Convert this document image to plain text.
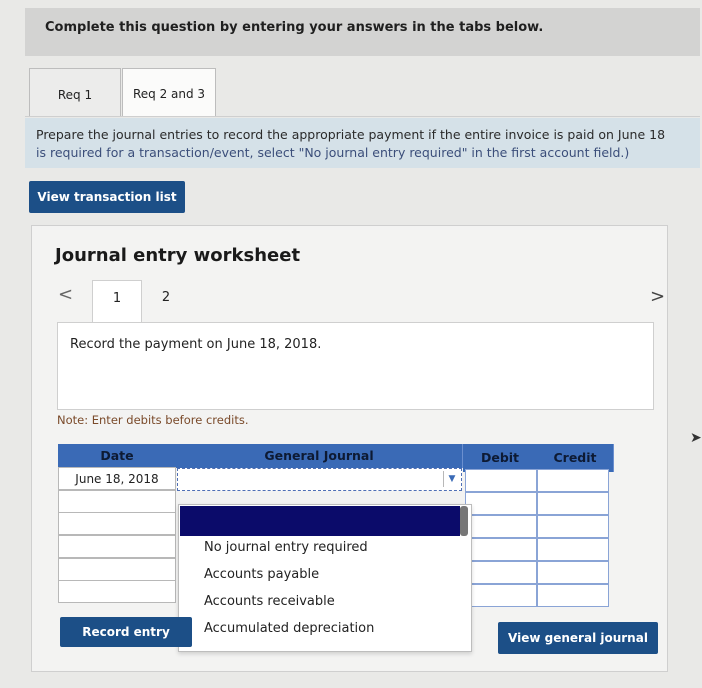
Complete this question by entering your answers in the tabs below.
Req 1	Req 2 and 3
Prepare the journal entries to record the appropriate payment if the entire invoice is paid on June 18
is required for a transaction/event, select "No journal entry required" in the first account field.)
View transaction list
Journal entry worksheet
<	1	2	>
Record the payment on June 18, 2018.
Note: Enter debits before credits.
Date	General Journal	Debit	Credit
June 18, 2018	▼
No journal entry required
Accounts payable
Accounts receivable
Accumulated depreciation
Record entry	View general journal
➤
